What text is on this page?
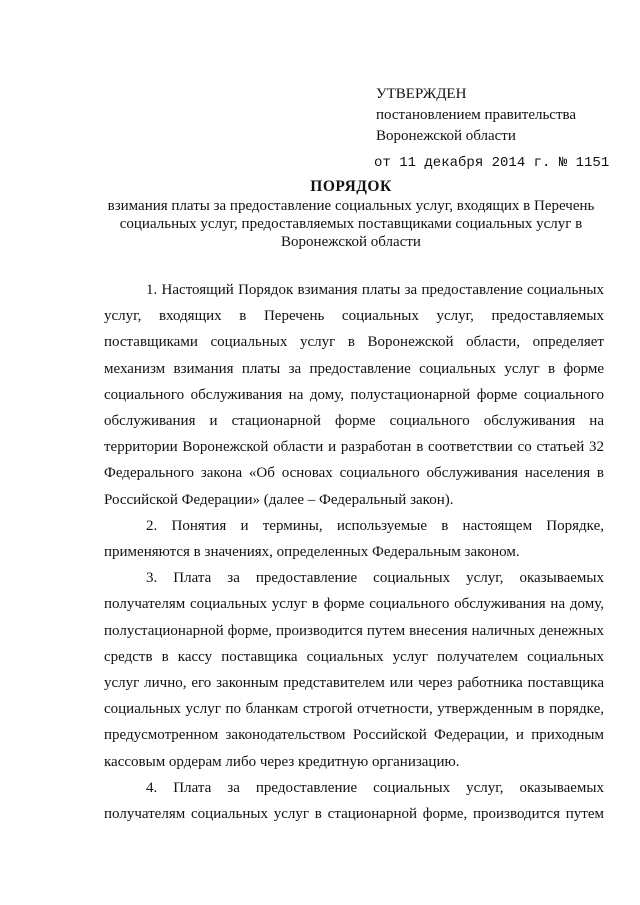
УТВЕРЖДЕН
постановлением правительства
Воронежской области
от 11 декабря 2014 г. № 1151
ПОРЯДОК
взимания платы за предоставление социальных услуг, входящих в Перечень
социальных услуг, предоставляемых поставщиками социальных услуг в
Воронежской области

1. Настоящий Порядок взимания платы за предоставление социальных
услуг, входящих в Перечень социальных услуг, предоставляемых
поставщиками социальных услуг в Воронежской области, определяет
механизм взимания платы за предоставление социальных услуг в форме
социального обслуживания на дому, полустационарной форме социального
обслуживания и стационарной форме социального обслуживания на
территории Воронежской области и разработан в соответствии со статьей 32
Федерального закона «Об основах социального обслуживания населения в
Российской Федерации» (далее – Федеральный закон).

2. Понятия и термины, используемые в настоящем Порядке,
применяются в значениях, определенных Федеральным законом.

3. Плата за предоставление социальных услуг, оказываемых
получателям социальных услуг в форме социального обслуживания на дому,
полустационарной форме, производится путем внесения наличных денежных
средств в кассу поставщика социальных услуг получателем социальных
услуг лично, его законным представителем или через работника поставщика
социальных услуг по бланкам строгой отчетности, утвержденным в порядке,
предусмотренном законодательством Российской Федерации, и приходным
кассовым ордерам либо через кредитную организацию.

4. Плата за предоставление социальных услуг, оказываемых
получателям социальных услуг в стационарной форме, производится путем
